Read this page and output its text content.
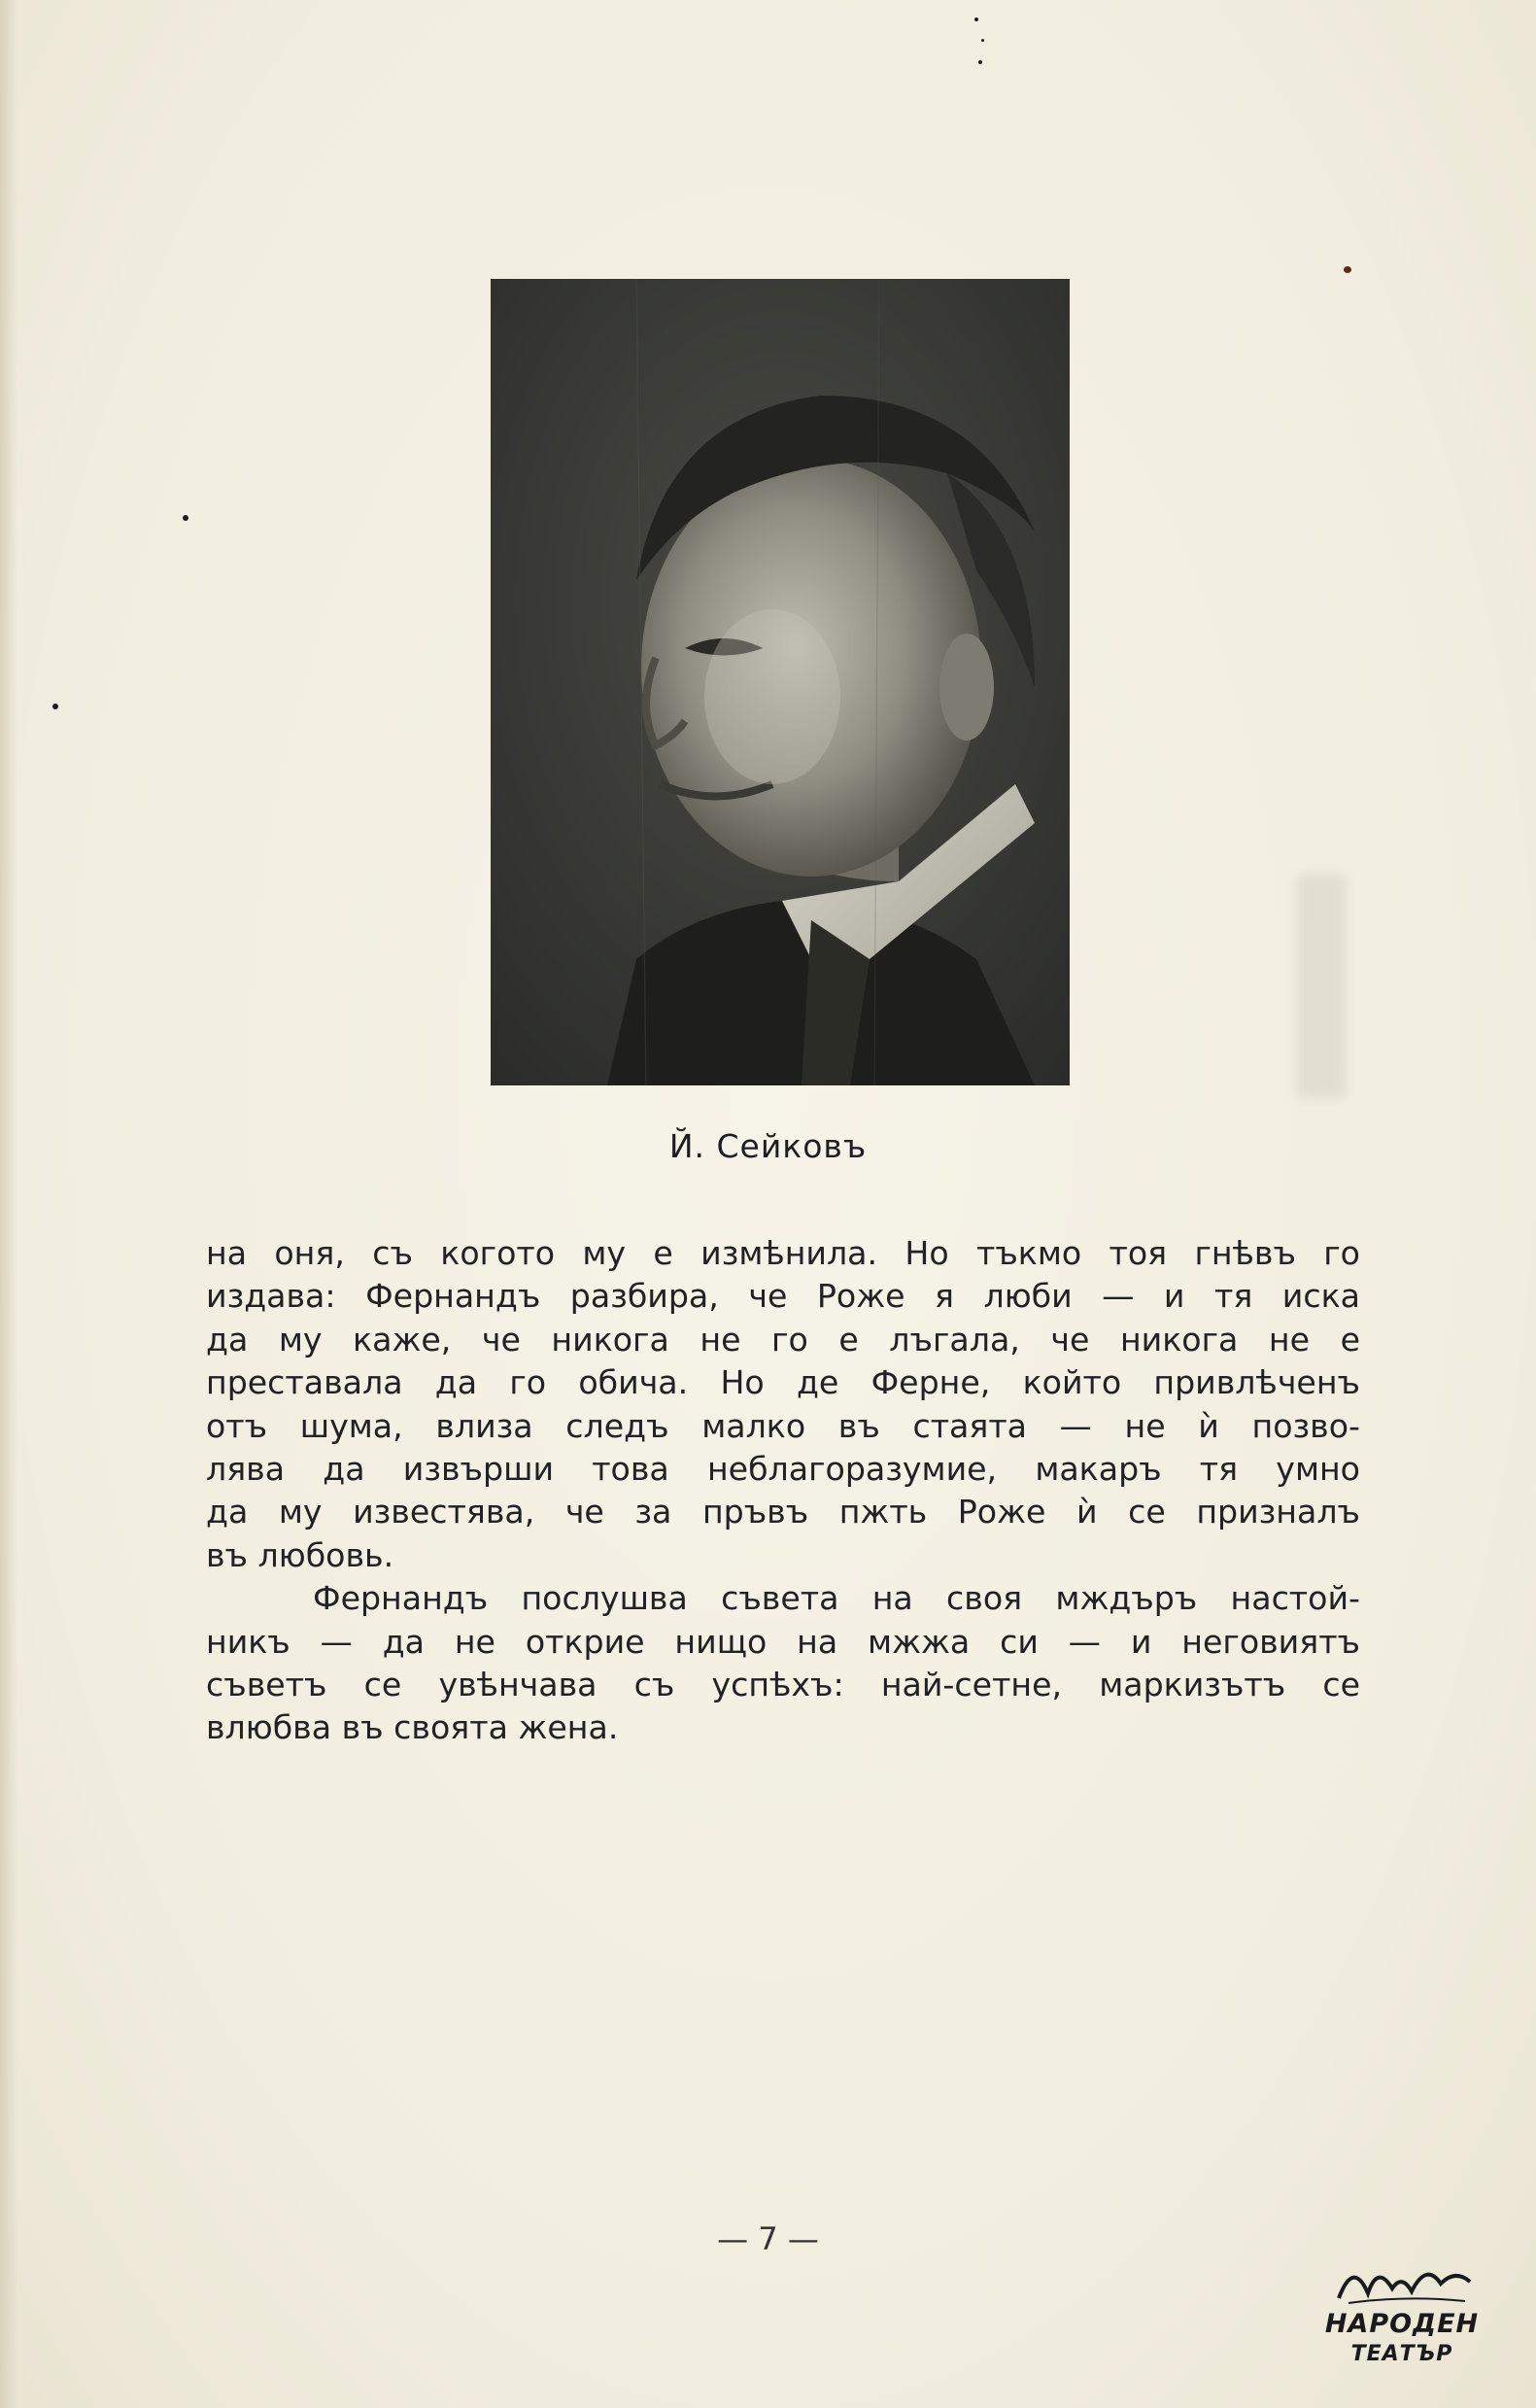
Й. Сейковъ
на оня, съ когото му е измѣнила. Но тъкмо тоя гнѣвъ го
издава: Фернандъ разбира, че Роже я люби — и тя иска
да му каже, че никога не го е лъгала, че никога не е
преставала да го обича. Но де Ферне, който привлѣченъ
отъ шума, влиза следъ малко въ стаята — не ѝ позво-
лява да извърши това неблагоразумие, макаръ тя умно
да му известява, че за пръвъ пжть Роже ѝ се призналъ
въ любовь.
Фернандъ послушва съвета на своя мждъръ настой-
никъ — да не открие нищо на мжжа си — и неговиятъ
съветъ се увѣнчава съ успѣхъ: най-сетне, маркизътъ се
влюбва въ своята жена.
— 7 —
НАРОДЕН
ТЕАТЪР
